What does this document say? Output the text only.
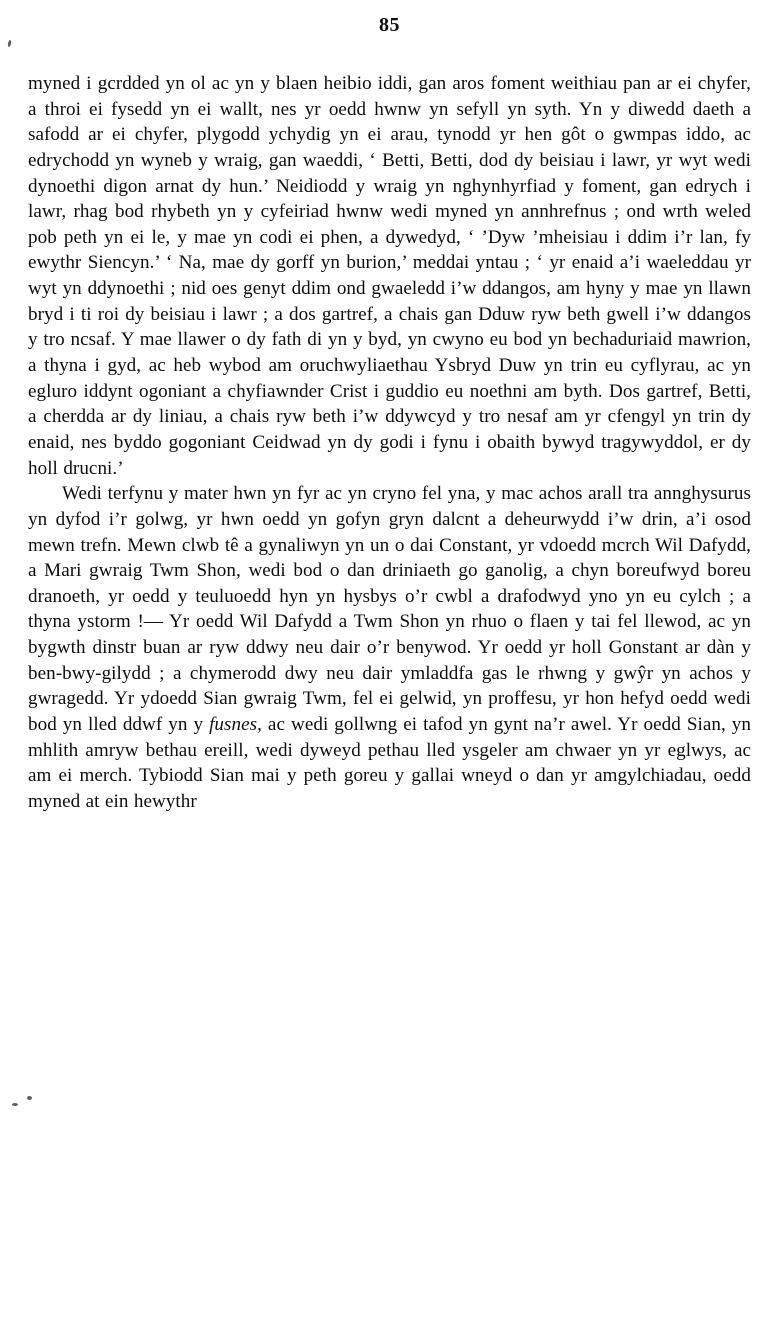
85

myned i gcrdded yn ol ac yn y blaen heibio iddi, gan aros foment weithiau pan ar ei chyfer, a throi ei fysedd yn ei wallt, nes yr oedd hwnw yn sefyll yn syth. Yn y diwedd daeth a safodd ar ei chyfer, plygodd ychydig yn ei arau, tynodd yr hen gôt o gwmpas iddo, ac edrychodd yn wyneb y wraig, gan waeddi, ‘ Betti, Betti, dod dy beisiau i lawr, yr wyt wedi dynoethi digon arnat dy hun.’ Neidiodd y wraig yn nghynhyrfiad y foment, gan edrych i lawr, rhag bod rhybeth yn y cyfeiriad hwnw wedi myned yn annhrefnus ; ond wrth weled pob peth yn ei le, y mae yn codi ei phen, a dywedyd, ‘ ’Dyw ’mheisiau i ddim i’r lan, fy ewythr Siencyn.’ ‘ Na, mae dy gorff yn burion,’ meddai yntau ; ‘ yr enaid a’i waeleddau yr wyt yn ddynoethi ; nid oes genyt ddim ond gwaeledd i’w ddangos, am hyny y mae yn llawn bryd i ti roi dy beisiau i lawr ; a dos gartref, a chais gan Dduw ryw beth gwell i’w ddangos y tro ncsaf. Y mae llawer o dy fath di yn y byd, yn cwyno eu bod yn bechaduriaid mawrion, a thyna i gyd, ac heb wybod am oruchwyliaethau Ysbryd Duw yn trin eu cyflyrau, ac yn egluro iddynt ogoniant a chyfiawnder Crist i guddio eu noethni am byth. Dos gartref, Betti, a cherdda ar dy liniau, a chais ryw beth i’w ddywcyd y tro nesaf am yr cfengyl yn trin dy enaid, nes byddo gogoniant Ceidwad yn dy godi i fynu i obaith bywyd tragywyddol, er dy holl drucni.’

Wedi terfynu y mater hwn yn fyr ac yn cryno fel yna, y mac achos arall tra annghysurus yn dyfod i’r golwg, yr hwn oedd yn gofyn gryn dalcnt a deheurwydd i’w drin, a’i osod mewn trefn. Mewn clwb tê a gynaliwyn yn un o dai Constant, yr vdoedd mcrch Wil Dafydd, a Mari gwraig Twm Shon, wedi bod o dan driniaeth go ganolig, a chyn boreufwyd boreu dranoeth, yr oedd y teuluoedd hyn yn hysbys o’r cwbl a drafodwyd yno yn eu cylch ; a thyna ystorm !— Yr oedd Wil Dafydd a Twm Shon yn rhuo o flaen y tai fel llewod, ac yn bygwth dinstr buan ar ryw ddwy neu dair o’r benywod. Yr oedd yr holl Gonstant ar dàn y ben-bwy-gilydd ; a chymerodd dwy neu dair ymladdfa gas le rhwng y gwŷr yn achos y gwragedd. Yr ydoedd Sian gwraig Twm, fel ei gelwid, yn proffesu, yr hon hefyd oedd wedi bod yn lled ddwf yn y fusnes, ac wedi gollwng ei tafod yn gynt na’r awel. Yr oedd Sian, yn mhlith amryw bethau ereill, wedi dyweyd pethau lled ysgeler am chwaer yn yr eglwys, ac am ei merch. Tybiodd Sian mai y peth goreu y gallai wneyd o dan yr amgylchiadau, oedd myned at ein hewythr
